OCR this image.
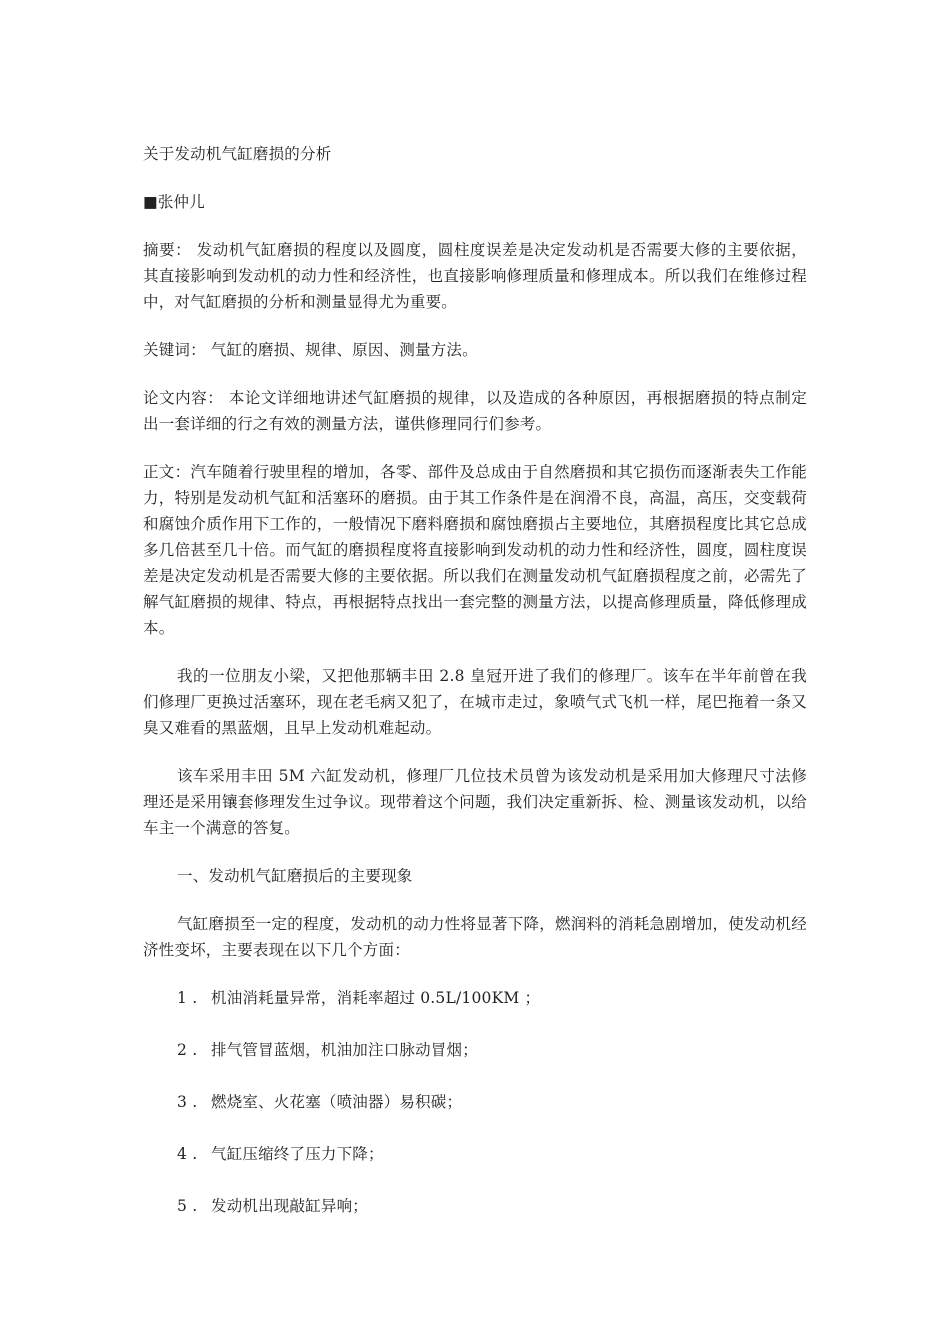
关于发动机气缸磨损的分析

■张仲儿

摘要： 发动机气缸磨损的程度以及圆度，圆柱度误差是决定发动机是否需要大修的主要依据，其直接影响到发动机的动力性和经济性，也直接影响修理质量和修理成本。所以我们在维修过程中，对气缸磨损的分析和测量显得尤为重要。

关键词： 气缸的磨损、规律、原因、测量方法。

论文内容： 本论文详细地讲述气缸磨损的规律，以及造成的各种原因，再根据磨损的特点制定出一套详细的行之有效的测量方法，谨供修理同行们参考。

正文：汽车随着行驶里程的增加，各零、部件及总成由于自然磨损和其它损伤而逐渐表失工作能力，特别是发动机气缸和活塞环的磨损。由于其工作条件是在润滑不良，高温，高压，交变载荷和腐蚀介质作用下工作的，一般情况下磨料磨损和腐蚀磨损占主要地位，其磨损程度比其它总成多几倍甚至几十倍。而气缸的磨损程度将直接影响到发动机的动力性和经济性，圆度，圆柱度误差是决定发动机是否需要大修的主要依据。所以我们在测量发动机气缸磨损程度之前，必需先了解气缸磨损的规律、特点，再根据特点找出一套完整的测量方法，以提高修理质量，降低修理成本。

我的一位朋友小梁，又把他那辆丰田 2.8 皇冠开进了我们的修理厂。该车在半年前曾在我们修理厂更换过活塞环，现在老毛病又犯了，在城市走过，象喷气式飞机一样，尾巴拖着一条又臭又难看的黑蓝烟，且早上发动机难起动。

该车采用丰田 5M 六缸发动机，修理厂几位技术员曾为该发动机是采用加大修理尺寸法修理还是采用镶套修理发生过争议。现带着这个问题，我们决定重新拆、检、测量该发动机，以给车主一个满意的答复。

一、发动机气缸磨损后的主要现象

气缸磨损至一定的程度，发动机的动力性将显著下降，燃润料的消耗急剧增加，使发动机经济性变坏，主要表现在以下几个方面：

1 . 机油消耗量异常，消耗率超过 0.5L/100KM ；
2 . 排气管冒蓝烟，机油加注口脉动冒烟；
3 . 燃烧室、火花塞（喷油器）易积碳；
4 . 气缸压缩终了压力下降；
5 . 发动机出现敲缸异响；
